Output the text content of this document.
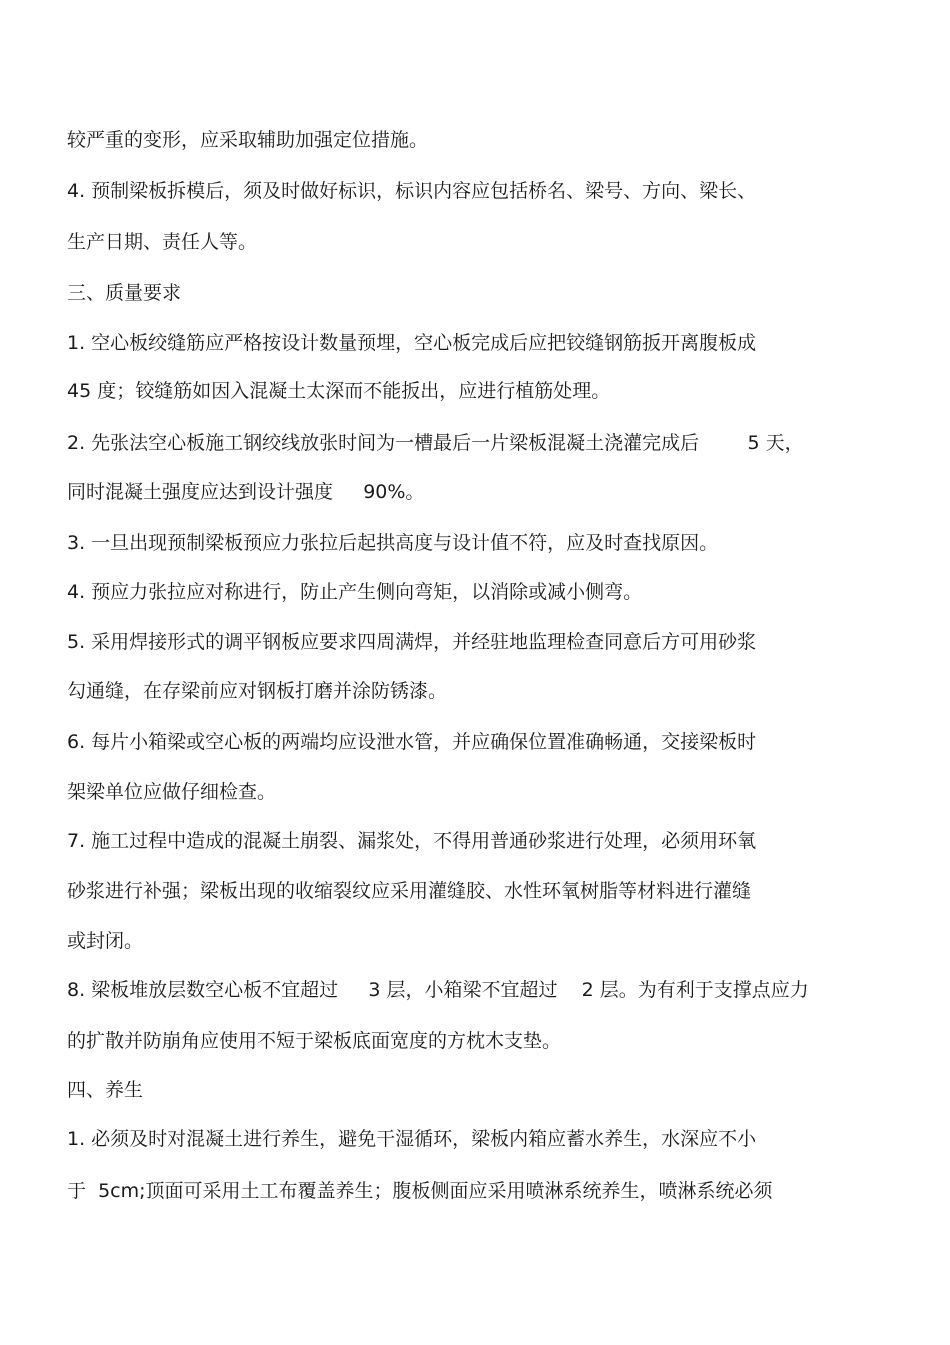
较严重的变形，应采取辅助加强定位措施。
4. 预制梁板拆模后，须及时做好标识，标识内容应包括桥名、梁号、方向、梁长、
生产日期、责任人等。
三、质量要求
1. 空心板绞缝筋应严格按设计数量预埋，空心板完成后应把铰缝钢筋扳开离腹板成
45 度；铰缝筋如因入混凝土太深而不能扳出，应进行植筋处理。
2. 先张法空心板施工钢绞线放张时间为一槽最后一片梁板混凝土浇灌完成后        5 天，
同时混凝土强度应达到设计强度     90%。
3. 一旦出现预制梁板预应力张拉后起拱高度与设计值不符，应及时查找原因。
4. 预应力张拉应对称进行，防止产生侧向弯矩，以消除或减小侧弯。
5. 采用焊接形式的调平钢板应要求四周满焊，并经驻地监理检查同意后方可用砂浆
勾通缝，在存梁前应对钢板打磨并涂防锈漆。
6. 每片小箱梁或空心板的两端均应设泄水管，并应确保位置准确畅通，交接梁板时
架梁单位应做仔细检查。
7. 施工过程中造成的混凝土崩裂、漏浆处，不得用普通砂浆进行处理，必须用环氧
砂浆进行补强；梁板出现的收缩裂纹应采用灌缝胶、水性环氧树脂等材料进行灌缝
或封闭。
8. 梁板堆放层数空心板不宜超过     3 层，小箱梁不宜超过    2 层。为有利于支撑点应力
的扩散并防崩角应使用不短于梁板底面宽度的方枕木支垫。
四、养生
1. 必须及时对混凝土进行养生，避免干湿循环，梁板内箱应蓄水养生，水深应不小
于  5cm;顶面可采用土工布覆盖养生；腹板侧面应采用喷淋系统养生，喷淋系统必须
